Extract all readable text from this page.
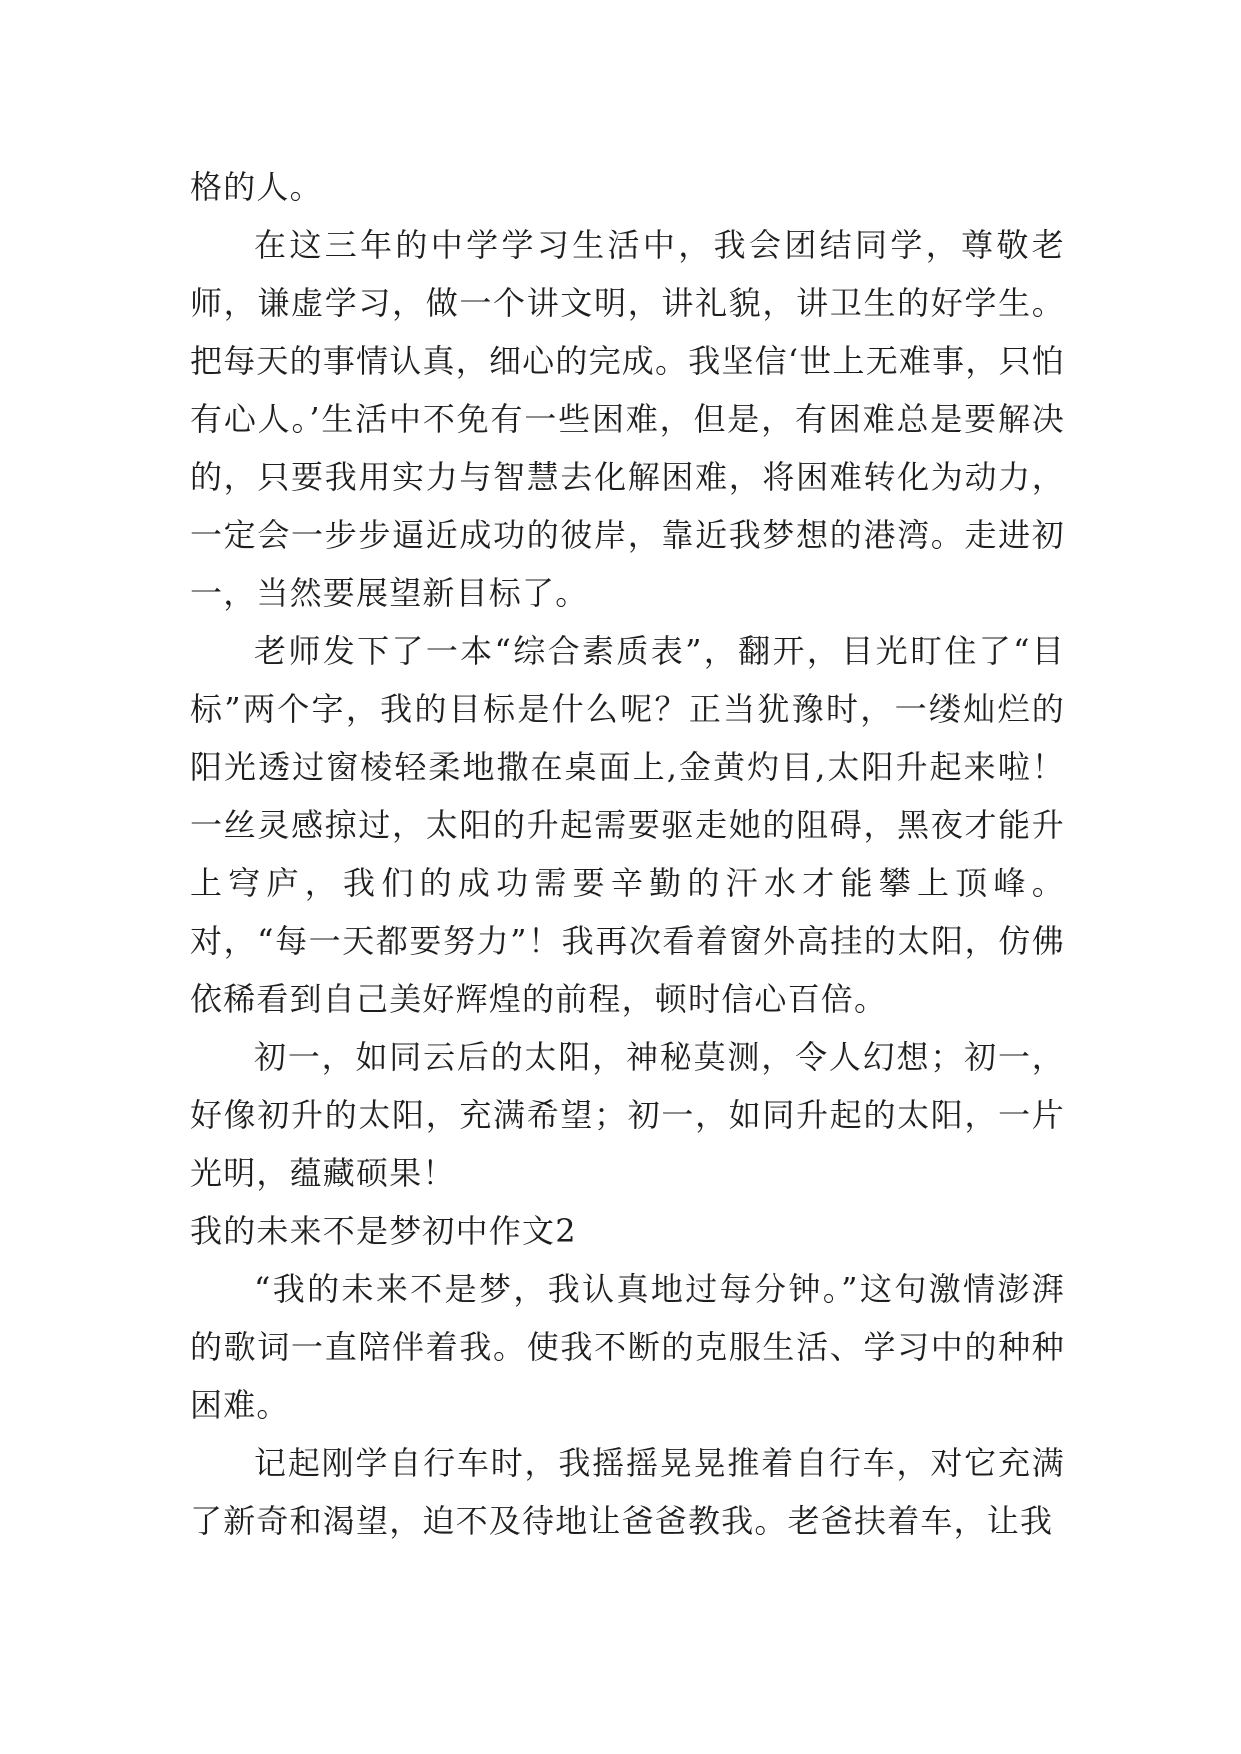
格的人。

在这三年的中学学习生活中，我会团结同学，尊敬老师，谦虚学习，做一个讲文明，讲礼貌，讲卫生的好学生。把每天的事情认真，细心的完成。我坚信‘世上无难事，只怕有心人。’生活中不免有一些困难，但是，有困难总是要解决的，只要我用实力与智慧去化解困难，将困难转化为动力，一定会一步步逼近成功的彼岸，靠近我梦想的港湾。走进初一，当然要展望新目标了。

老师发下了一本“综合素质表”，翻开，目光盯住了“目标”两个字，我的目标是什么呢？正当犹豫时，一缕灿烂的阳光透过窗棱轻柔地撒在桌面上,金黄灼目,太阳升起来啦！一丝灵感掠过，太阳的升起需要驱走她的阻碍，黑夜才能升上穹庐，我们的成功需要辛勤的汗水才能攀上顶峰。对，“每一天都要努力”！我再次看着窗外高挂的太阳，仿佛依稀看到自己美好辉煌的前程，顿时信心百倍。

初一，如同云后的太阳，神秘莫测，令人幻想；初一，好像初升的太阳，充满希望；初一，如同升起的太阳，一片光明，蕴藏硕果！

我的未来不是梦初中作文2

“我的未来不是梦，我认真地过每分钟。”这句激情澎湃的歌词一直陪伴着我。使我不断的克服生活、学习中的种种困难。

记起刚学自行车时，我摇摇晃晃推着自行车，对它充满了新奇和渴望，迫不及待地让爸爸教我。老爸扶着车，让我
